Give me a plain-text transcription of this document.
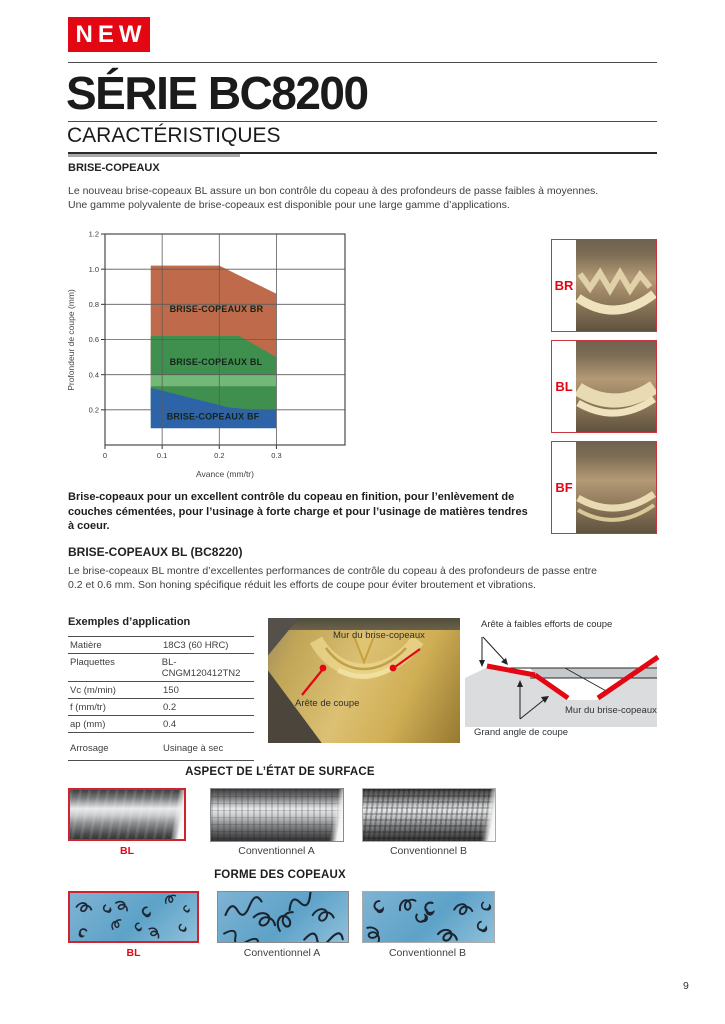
NEW
SÉRIE BC8200
CARACTÉRISTIQUES
BRISE-COPEAUX
Le nouveau brise-copeaux BL assure un bon contrôle du copeau à des profondeurs de passe faibles à moyennes.
Une gamme polyvalente de brise-copeaux est disponible pour une large gamme d’applications.
Profondeur de coupe (mm)
0	0.1	0.2	0.3
0.2
0.4
0.6
0.8
1.0
1.2
BRISE-COPEAUX BR
BRISE-COPEAUX BL
BRISE-COPEAUX BF
Avance (mm/tr)
BR
BL
BF
Brise-copeaux pour un excellent contrôle du copeau en finition, pour l’enlèvement de
couches cémentées, pour l’usinage à forte charge et pour l’usinage de matières tendres
à coeur.
BRISE-COPEAUX BL (BC8220)
Le brise-copeaux BL montre d’excellentes performances de contrôle du copeau à des profondeurs de passe entre
0.2 et 0.6 mm. Son honing spécifique réduit les efforts de coupe pour éviter broutement et vibrations.
Exemples d’application
Matière	18C3 (60 HRC)
Plaquettes	BL-CNGM120412TN2
Vc (m/min)	150
f (mm/tr)	0.2
ap (mm)	0.4
Arrosage	Usinage à sec
Mur du brise-copeaux
Arête de coupe
Arête à faibles efforts de coupe
Mur du brise-copeaux
Grand angle de coupe
ASPECT DE L’ÉTAT DE SURFACE
BL	Conventionnel A	Conventionnel B
FORME DES COPEAUX
BL	Conventionnel A	Conventionnel B
9
